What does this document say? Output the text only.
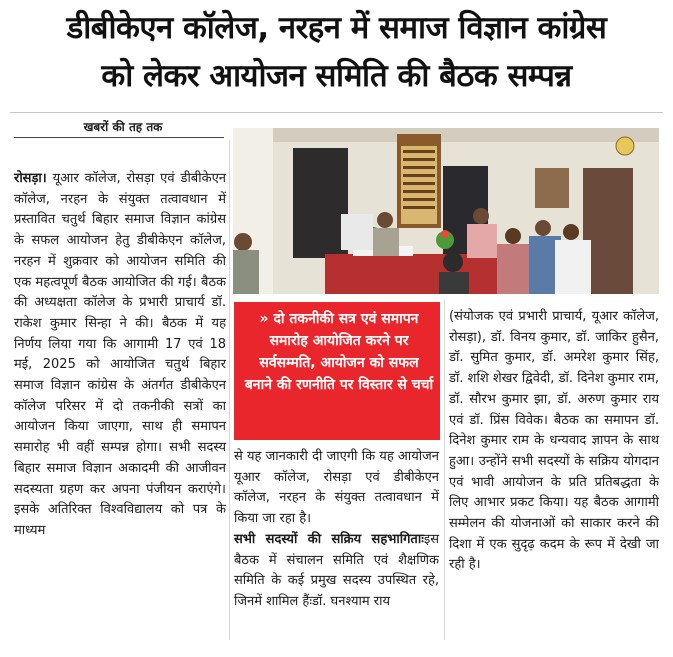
डीबीकेएन कॉलेज, नरहन में समाज विज्ञान कांग्रेस
को लेकर आयोजन समिति की बैठक सम्पन्न
खबरों की तह तक

रोसड़ा। यूआर कॉलेज, रोसड़ा एवं डीबीकेएन कॉलेज, नरहन के संयुक्त तत्वावधान में प्रस्तावित चतुर्थ बिहार समाज विज्ञान कांग्रेस के सफल आयोजन हेतु डीबीकेएन कॉलेज, नरहन में शुक्रवार को आयोजन समिति की एक महत्वपूर्ण बैठक आयोजित की गई। बैठक की अध्यक्षता कॉलेज के प्रभारी प्राचार्य डॉ. राकेश कुमार सिन्हा ने की। बैठक में यह निर्णय लिया गया कि आगामी 17 एवं 18 मई, 2025 को आयोजित चतुर्थ बिहार समाज विज्ञान कांग्रेस के अंतर्गत डीबीकेएन कॉलेज परिसर में दो तकनीकी सत्रों का आयोजन किया जाएगा, साथ ही समापन समारोह भी वहीं सम्पन्न होगा। सभी सदस्य बिहार समाज विज्ञान अकादमी की आजीवन सदस्यता ग्रहण कर अपना पंजीयन कराएंगे। इसके अतिरिक्त विश्वविद्यालय को पत्र के माध्यम

» दो तकनीकी सत्र एवं समापन समारोह आयोजित करने पर सर्वसम्मति, आयोजन को सफल बनाने की रणनीति पर विस्तार से चर्चा

से यह जानकारी दी जाएगी कि यह आयोजन यूआर कॉलेज, रोसड़ा एवं डीबीकेएन कॉलेज, नरहन के संयुक्त तत्वावधान में किया जा रहा है।

सभी सदस्यों की सक्रिय सहभागिताःइस बैठक में संचालन समिति एवं शैक्षणिक समिति के कई प्रमुख सदस्य उपस्थित रहे, जिनमें शामिल हैंःडॉ. घनश्याम राय

(संयोजक एवं प्रभारी प्राचार्य, यूआर कॉलेज, रोसड़ा), डॉ. विनय कुमार, डॉ. जाकिर हुसैन, डॉ. सुमित कुमार, डॉ. अमरेश कुमार सिंह, डॉ. शशि शेखर द्विवेदी, डॉ. दिनेश कुमार राम, डॉ. सौरभ कुमार झा, डॉ. अरुण कुमार राय एवं डॉ. प्रिंस विवेक। बैठक का समापन डॉ. दिनेश कुमार राम के धन्यवाद ज्ञापन के साथ हुआ। उन्होंने सभी सदस्यों के सक्रिय योगदान एवं भावी आयोजन के प्रति प्रतिबद्धता के लिए आभार प्रकट किया। यह बैठक आगामी सम्मेलन की योजनाओं को साकार करने की दिशा में एक सुदृढ़ कदम के रूप में देखी जा रही है।
